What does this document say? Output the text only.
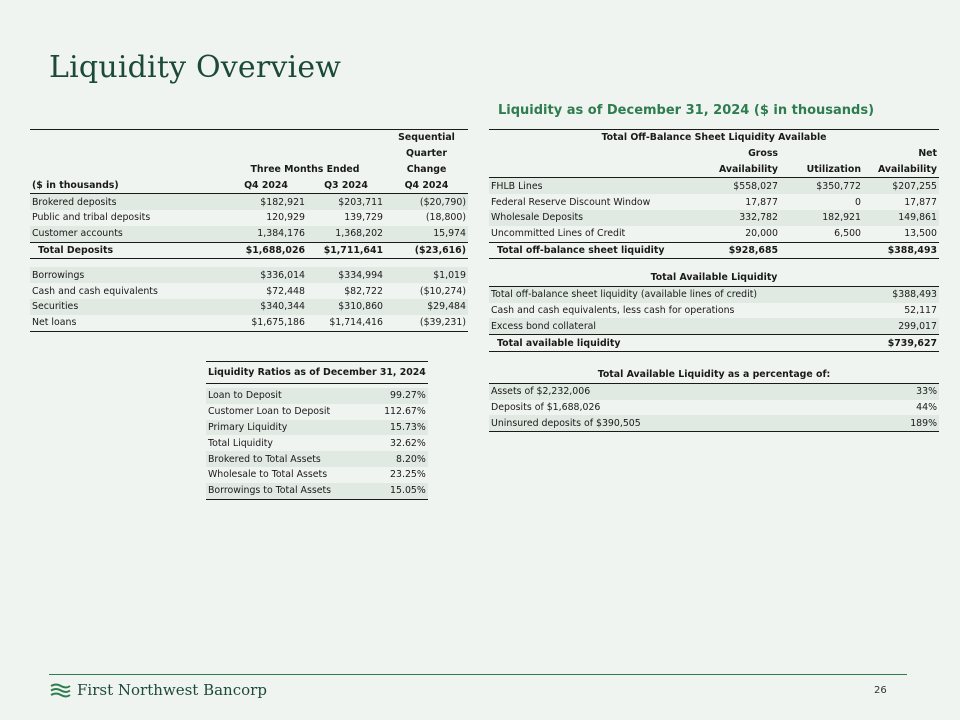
Liquidity Overview
Liquidity as of December 31, 2024 ($ in thousands)
			Sequential
			Quarter
	Three Months Ended		Change
($ in thousands)	Q4 2024	Q3 2024	Q4 2024
Brokered deposits	$182,921	$203,711	($20,790)
Public and tribal deposits	120,929	139,729	(18,800)
Customer accounts	1,384,176	1,368,202	15,974
Total Deposits	$1,688,026	$1,711,641	($23,616)

Borrowings	$336,014	$334,994	$1,019
Cash and cash equivalents	$72,448	$82,722	($10,274)
Securities	$340,344	$310,860	$29,484
Net loans	$1,675,186	$1,714,416	($39,231)
Liquidity Ratios as of December 31, 2024	

Loan to Deposit	99.27%
Customer Loan to Deposit	112.67%
Primary Liquidity	15.73%
Total Liquidity	32.62%
Brokered to Total Assets	8.20%
Wholesale to Total Assets	23.25%
Borrowings to Total Assets	15.05%
Total Off-Balance Sheet Liquidity Available			
	Gross		Net
	Availability	Utilization	Availability
FHLB Lines	$558,027	$350,772	$207,255
Federal Reserve Discount Window	17,877	0	17,877
Wholesale Deposits	332,782	182,921	149,861
Uncommitted Lines of Credit	20,000	6,500	13,500
Total off-balance sheet liquidity	$928,685		$388,493
Total Available Liquidity	
Total off-balance sheet liquidity (available lines of credit)	$388,493
Cash and cash equivalents, less cash for operations	52,117
Excess bond collateral	299,017
Total available liquidity	$739,627
Total Available Liquidity as a percentage of:	
Assets of $2,232,006	33%
Deposits of $1,688,026	44%
Uninsured deposits of $390,505	189%
First Northwest Bancorp	26
